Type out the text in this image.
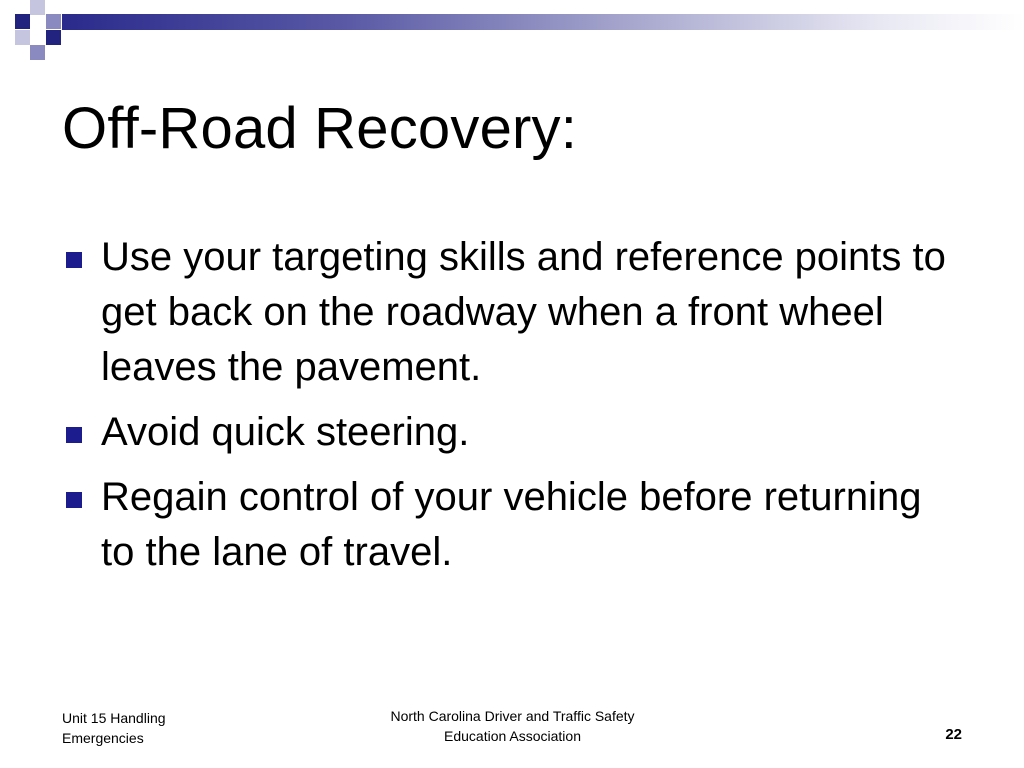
Off-Road Recovery:
Use your targeting skills and reference points to get back on the roadway when a front wheel leaves the pavement.
Avoid quick steering.
Regain control of your vehicle before returning to the lane of travel.
Unit 15 Handling
Emergencies
North Carolina Driver and Traffic Safety
Education Association	22
